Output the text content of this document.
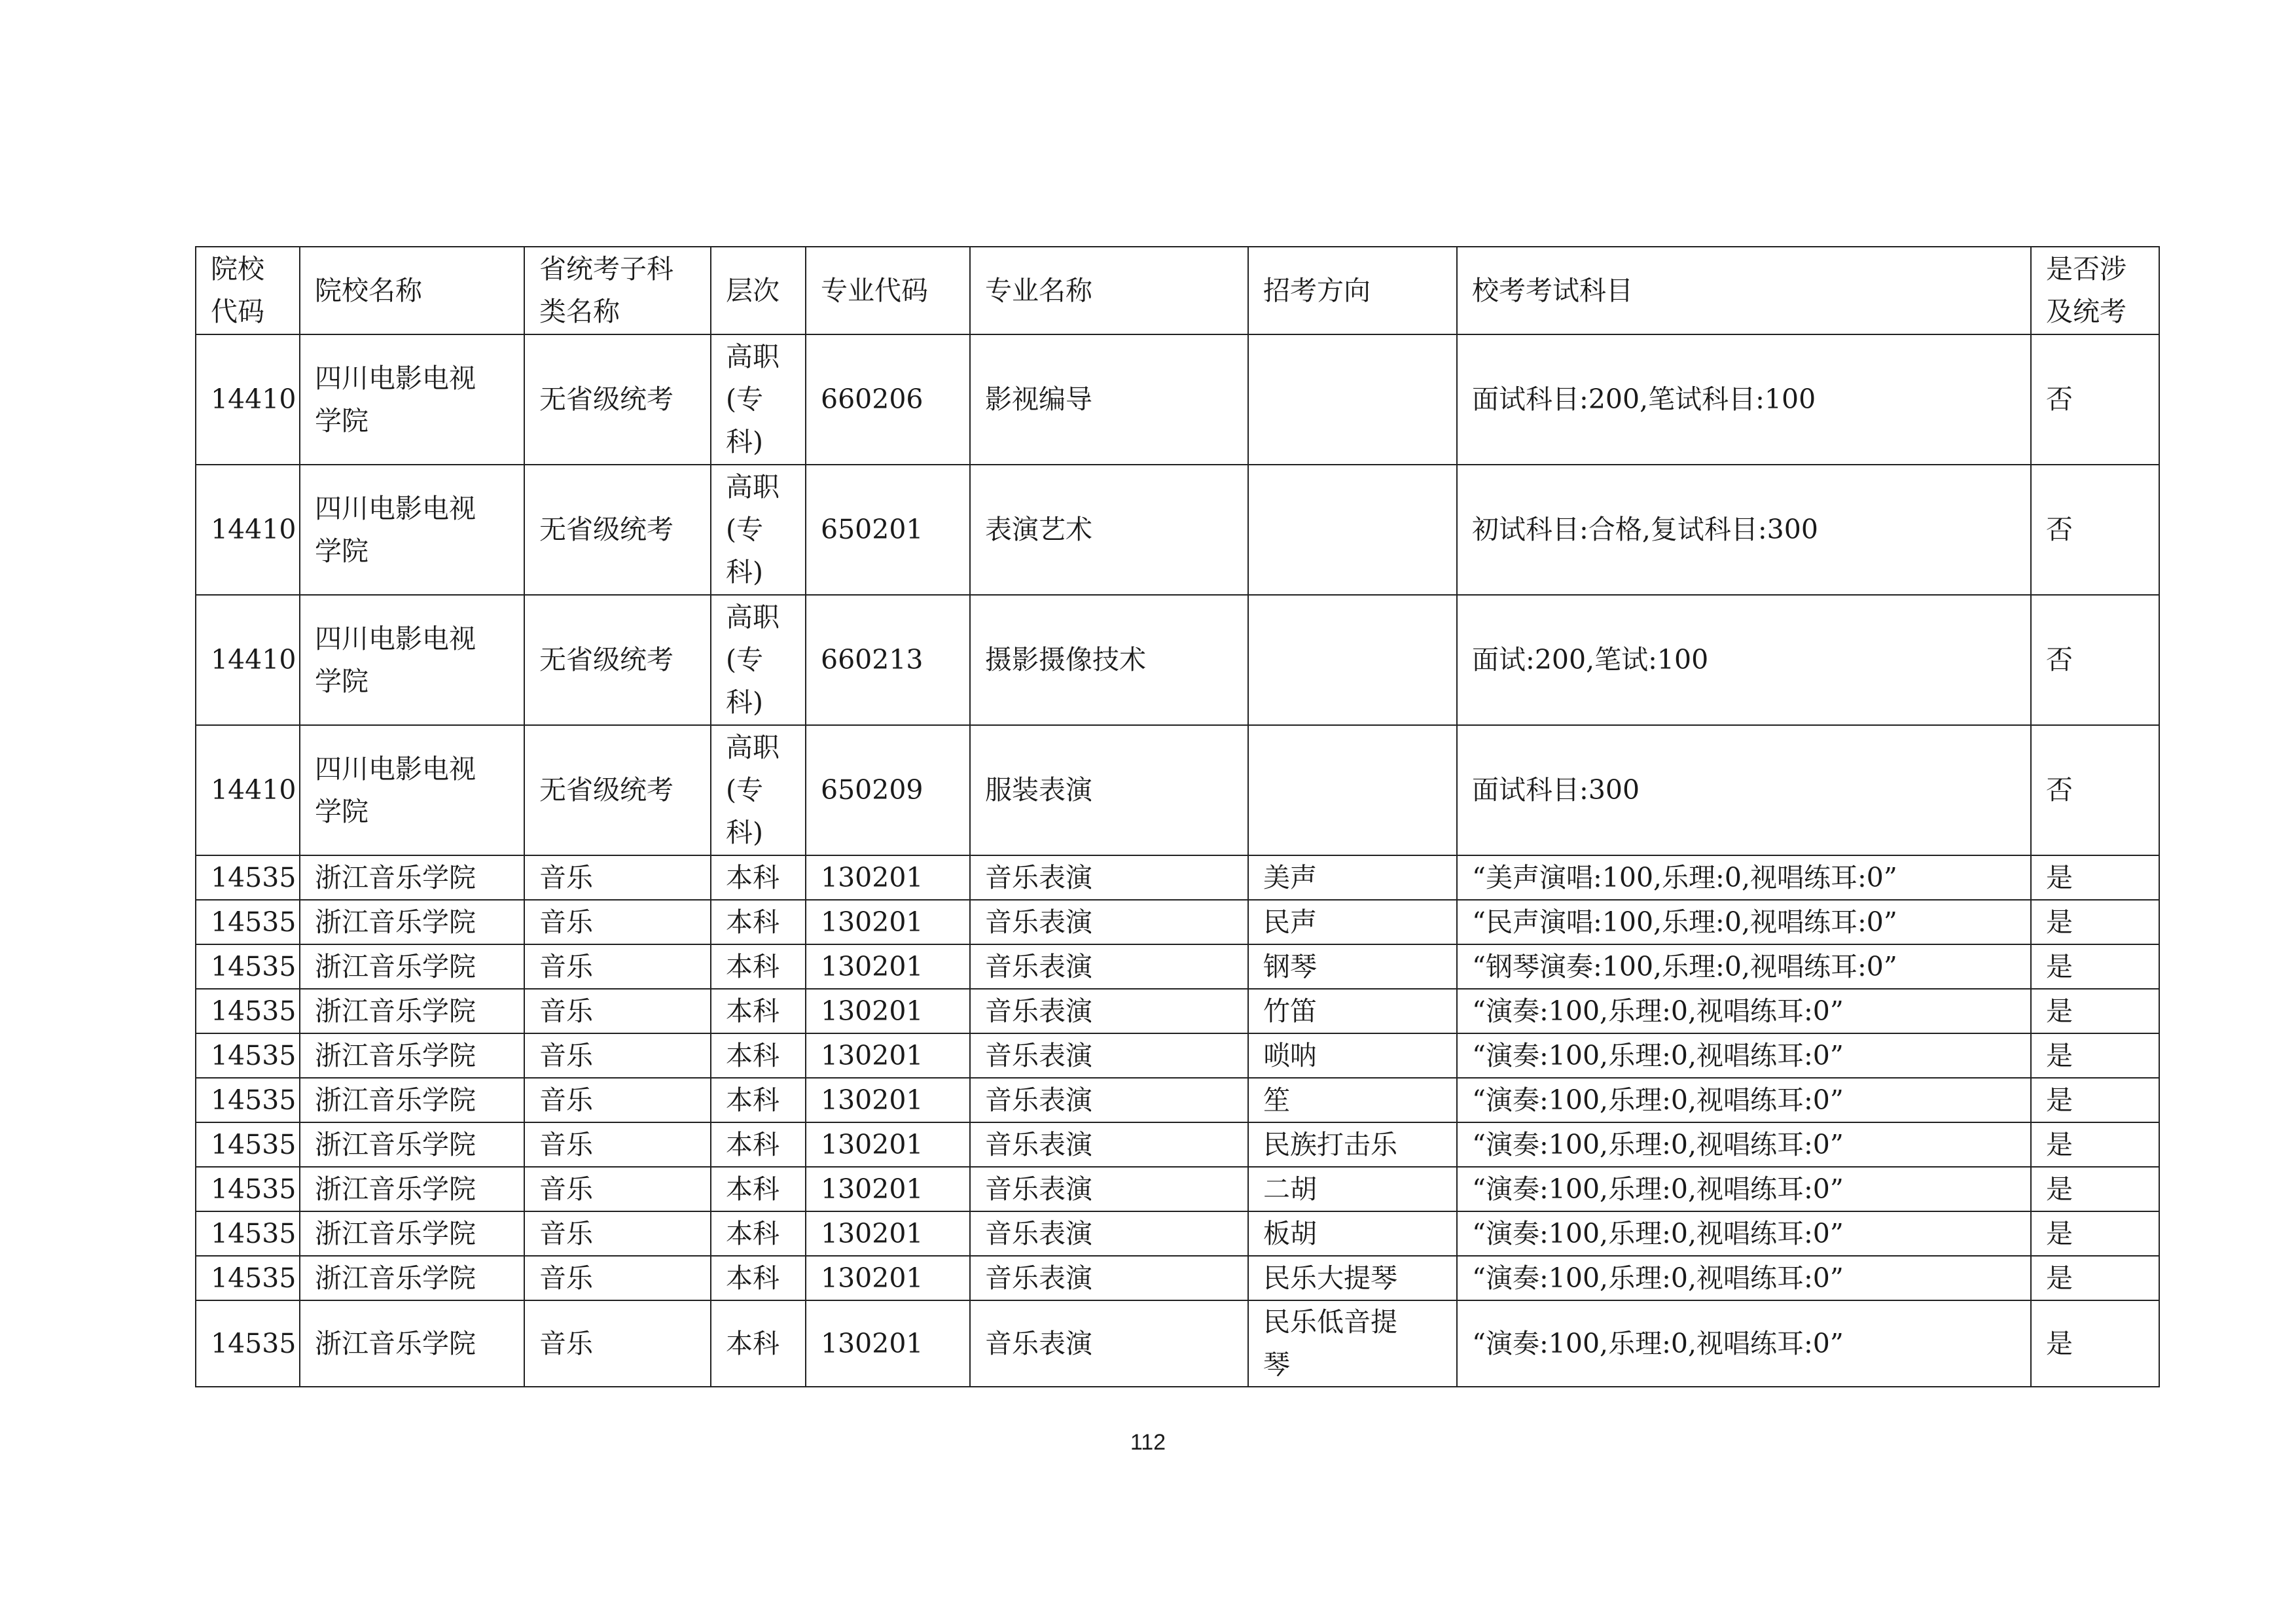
院校
代码	院校名称	省统考子科
类名称	层次	专业代码	专业名称	招考方向	校考考试科目	是否涉
及统考
14410	四川电影电视
学院	无省级统考	高职
(专
科)	660206	影视编导		面试科目:200,笔试科目:100	否
14410	四川电影电视
学院	无省级统考	高职
(专
科)	650201	表演艺术		初试科目:合格,复试科目:300	否
14410	四川电影电视
学院	无省级统考	高职
(专
科)	660213	摄影摄像技术		面试:200,笔试:100	否
14410	四川电影电视
学院	无省级统考	高职
(专
科)	650209	服装表演		面试科目:300	否
14535	浙江音乐学院	音乐	本科	130201	音乐表演	美声	“美声演唱:100,乐理:0,视唱练耳:0”	是
14535	浙江音乐学院	音乐	本科	130201	音乐表演	民声	“民声演唱:100,乐理:0,视唱练耳:0”	是
14535	浙江音乐学院	音乐	本科	130201	音乐表演	钢琴	“钢琴演奏:100,乐理:0,视唱练耳:0”	是
14535	浙江音乐学院	音乐	本科	130201	音乐表演	竹笛	“演奏:100,乐理:0,视唱练耳:0”	是
14535	浙江音乐学院	音乐	本科	130201	音乐表演	唢呐	“演奏:100,乐理:0,视唱练耳:0”	是
14535	浙江音乐学院	音乐	本科	130201	音乐表演	笙	“演奏:100,乐理:0,视唱练耳:0”	是
14535	浙江音乐学院	音乐	本科	130201	音乐表演	民族打击乐	“演奏:100,乐理:0,视唱练耳:0”	是
14535	浙江音乐学院	音乐	本科	130201	音乐表演	二胡	“演奏:100,乐理:0,视唱练耳:0”	是
14535	浙江音乐学院	音乐	本科	130201	音乐表演	板胡	“演奏:100,乐理:0,视唱练耳:0”	是
14535	浙江音乐学院	音乐	本科	130201	音乐表演	民乐大提琴	“演奏:100,乐理:0,视唱练耳:0”	是
14535	浙江音乐学院	音乐	本科	130201	音乐表演	民乐低音提
琴	“演奏:100,乐理:0,视唱练耳:0”	是
112
